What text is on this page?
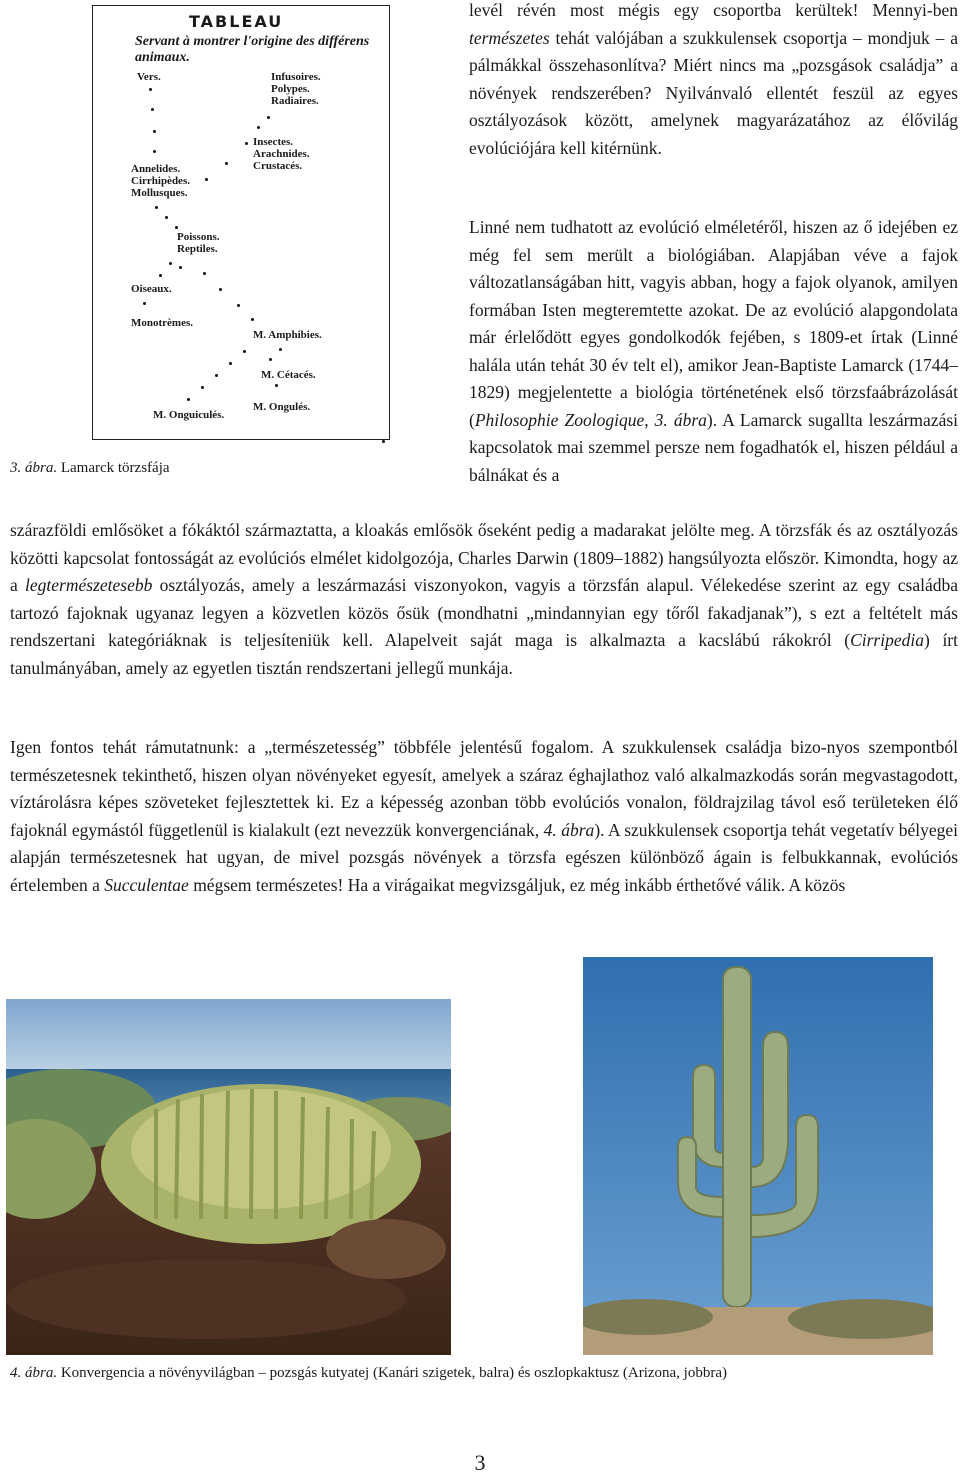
TABLEAU
Servant à montrer l'origine des différens animaux.
Vers.	Infusoires.
Polypes.
Radiaires.
Insectes.
Arachnides.
Crustacés.
Annelides.
Cirrhipèdes.
Mollusques.
Poissons.
Reptiles.
Oiseaux.
Monotrèmes.
M. Amphibies.
M. Cétacés.
M. Ongulés.
M. Onguiculés.
3. ábra. Lamarck törzsfája
levél révén most mégis egy csoportba kerültek! Mennyi-ben természetes tehát valójában a szukkulensek csoportja – mondjuk – a pálmákkal összehasonlítva? Miért nincs ma „pozsgások családja” a növények rendszerében? Nyilvánvaló ellentét feszül az egyes osztályozások között, amelynek magyarázatához az élővilág evolúciójára kell kitérnünk.
Linné nem tudhatott az evolúció elméletéről, hiszen az ő idejében ez még fel sem merült a biológiában. Alapjában véve a fajok változatlanságában hitt, vagyis abban, hogy a fajok olyanok, amilyen formában Isten megteremtette azokat. De az evolúció alapgondolata már érlelődött egyes gondolkodók fejében, s 1809-et írtak (Linné halála után tehát 30 év telt el), amikor Jean-Baptiste Lamarck (1744–1829) megjelentette a biológia történetének első törzsfaábrázolását (Philosophie Zoologique, 3. ábra). A Lamarck sugallta leszármazási kapcsolatok mai szemmel persze nem fogadhatók el, hiszen például a bálnákat és a
szárazföldi emlősöket a fókáktól származtatta, a kloakás emlősök őseként pedig a madarakat jelölte meg. A törzsfák és az osztályozás közötti kapcsolat fontosságát az evolúciós elmélet kidolgozója, Charles Darwin (1809–1882) hangsúlyozta először. Kimondta, hogy az a legtermészetesebb osztályozás, amely a leszármazási viszonyokon, vagyis a törzsfán alapul. Vélekedése szerint az egy családba tartozó fajoknak ugyanaz legyen a közvetlen közös ősük (mondhatni „mindannyian egy tőről fakadjanak”), s ezt a feltételt más rendszertani kategóriáknak is teljesíteniük kell. Alapelveit saját maga is alkalmazta a kacslábú rákokról (Cirripedia) írt tanulmányában, amely az egyetlen tisztán rendszertani jellegű munkája.
Igen fontos tehát rámutatnunk: a „természetesség” többféle jelentésű fogalom. A szukkulensek családja bizo-nyos szempontból természetesnek tekinthető, hiszen olyan növényeket egyesít, amelyek a száraz éghajlathoz való alkalmazkodás során megvastagodott, víztárolásra képes szöveteket fejlesztettek ki. Ez a képesség azonban több evolúciós vonalon, földrajzilag távol eső területeken élő fajoknál egymástól függetlenül is kialakult (ezt nevezzük konvergenciának, 4. ábra). A szukkulensek csoportja tehát vegetatív bélyegei alapján természetesnek hat ugyan, de mivel pozsgás növények a törzsfa egészen különböző ágain is felbukkannak, evolúciós értelemben a Succulentae mégsem természetes! Ha a virágaikat megvizsgáljuk, ez még inkább érthetővé válik. A közös
4. ábra. Konvergencia a növényvilágban – pozsgás kutyatej (Kanári szigetek, balra) és oszlopkaktusz (Arizona, jobbra)
3
